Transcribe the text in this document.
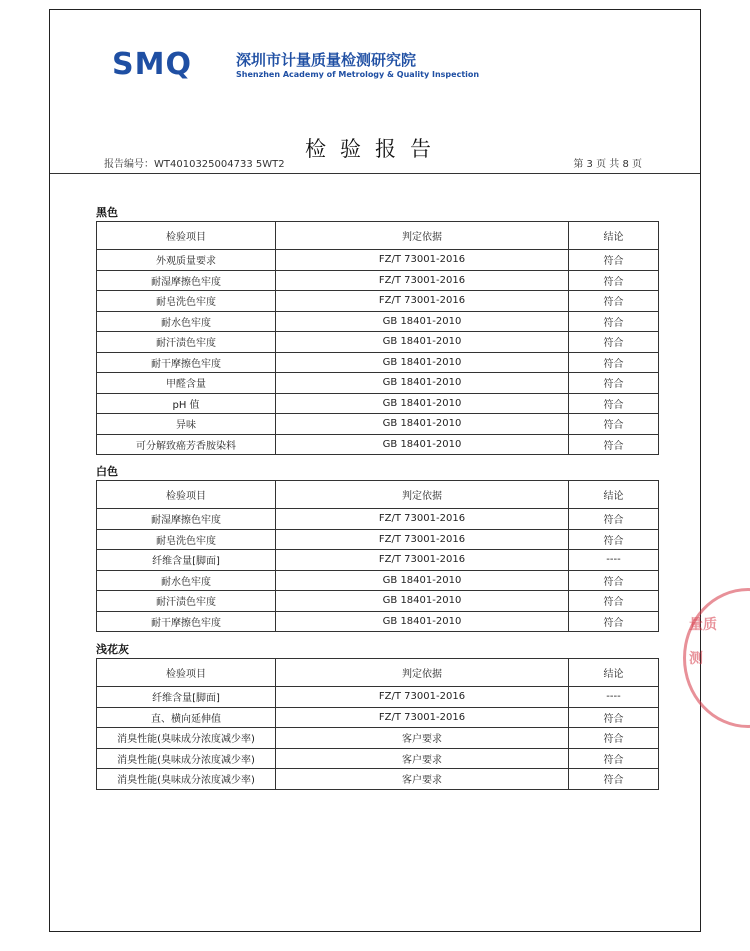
SMQ	深圳市计量质量检测研究院
Shenzhen Academy of Metrology & Quality Inspection
检验报告
报告编号：WT4010325004733 5WT2	第 3 页 共 8 页
黑色
检验项目	判定依据	结论
外观质量要求	FZ/T 73001-2016	符合
耐湿摩擦色牢度	FZ/T 73001-2016	符合
耐皂洗色牢度	FZ/T 73001-2016	符合
耐水色牢度	GB 18401-2010	符合
耐汗渍色牢度	GB 18401-2010	符合
耐干摩擦色牢度	GB 18401-2010	符合
甲醛含量	GB 18401-2010	符合
pH 值	GB 18401-2010	符合
异味	GB 18401-2010	符合
可分解致癌芳香胺染料	GB 18401-2010	符合
白色
检验项目	判定依据	结论
耐湿摩擦色牢度	FZ/T 73001-2016	符合
耐皂洗色牢度	FZ/T 73001-2016	符合
纤维含量[脚面]	FZ/T 73001-2016	----
耐水色牢度	GB 18401-2010	符合
耐汗渍色牢度	GB 18401-2010	符合
耐干摩擦色牢度	GB 18401-2010	符合
浅花灰
检验项目	判定依据	结论
纤维含量[脚面]	FZ/T 73001-2016	----
直、横向延伸值	FZ/T 73001-2016	符合
消臭性能(臭味成分浓度减少率)	客户要求	符合
消臭性能(臭味成分浓度减少率)	客户要求	符合
消臭性能(臭味成分浓度减少率)	客户要求	符合
量质测
